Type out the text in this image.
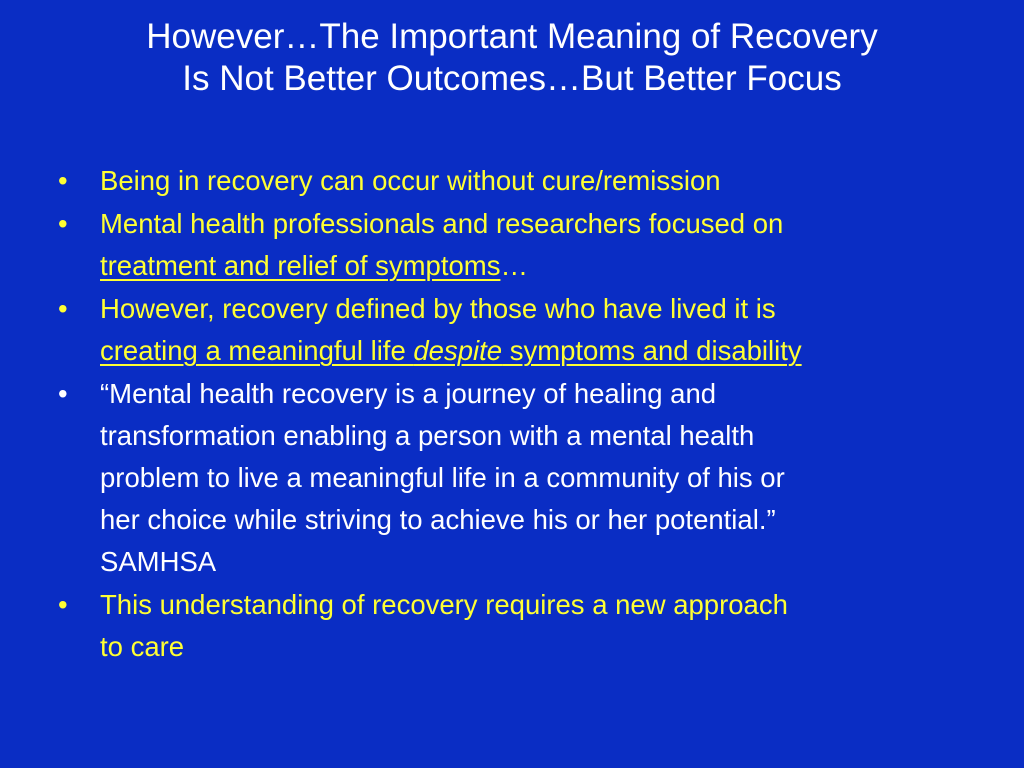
However…The Important Meaning of Recovery
Is Not Better Outcomes…But Better Focus
• Being in recovery can occur without cure/remission
• Mental health professionals and researchers focused on
treatment and relief of symptoms…
• However, recovery defined by those who have lived it is
creating a meaningful life despite symptoms and disability
• “Mental health recovery is a journey of healing and
transformation enabling a person with a mental health
problem to live a meaningful life in a community of his or
her choice while striving to achieve his or her potential.”
SAMHSA
• This understanding of recovery requires a new approach
to care
